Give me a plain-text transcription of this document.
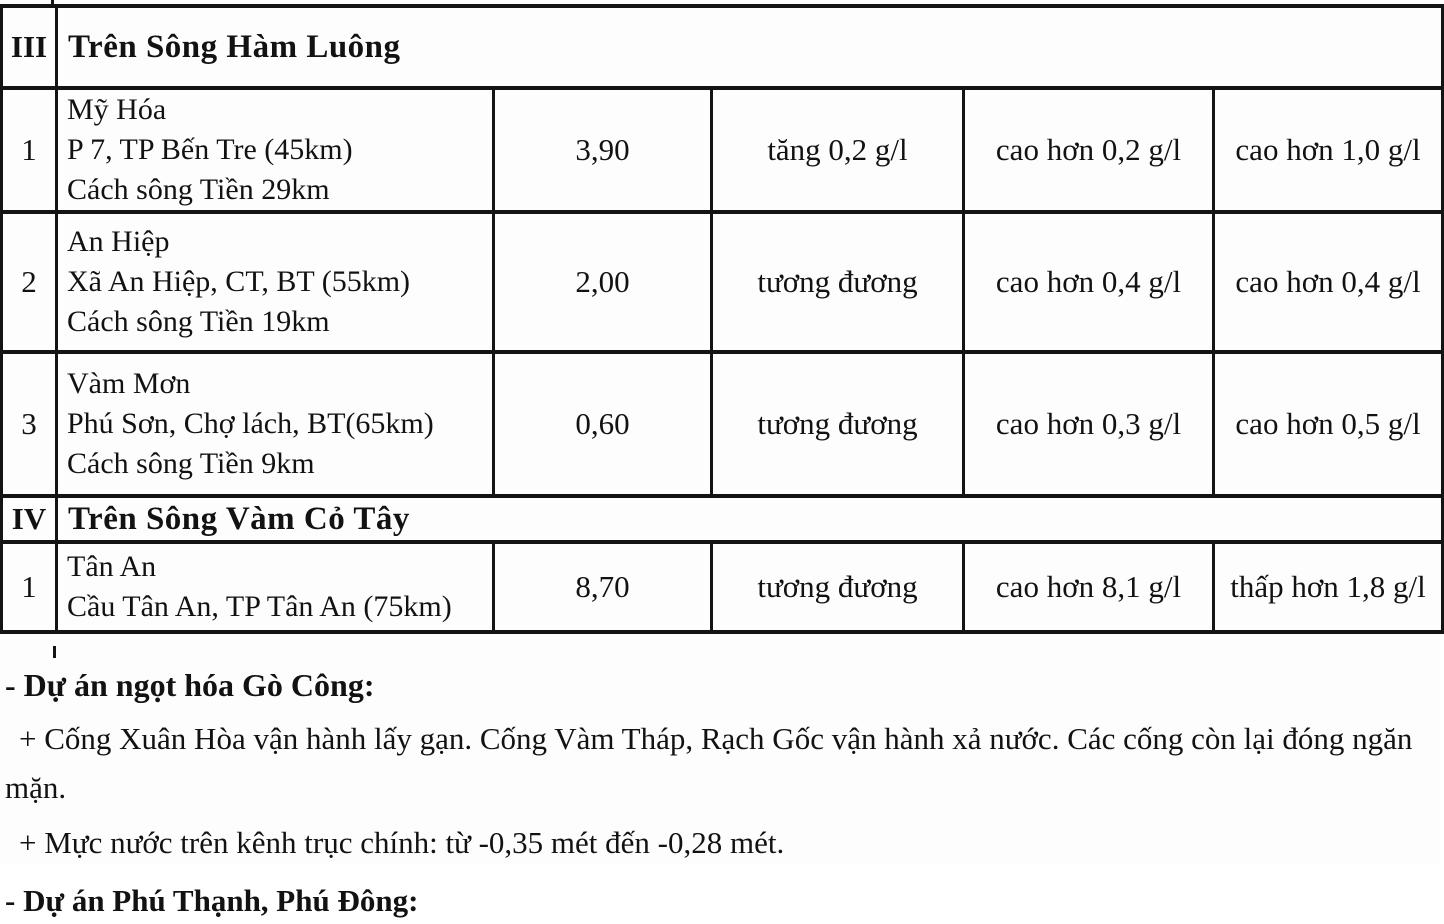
III	Trên Sông Hàm Luông				
1	Mỹ Hóa
P 7, TP Bến Tre (45km)
Cách sông Tiền 29km	3,90	tăng 0,2 g/l	cao hơn 0,2 g/l	cao hơn 1,0 g/l
2	An Hiệp
Xã An Hiệp, CT, BT (55km)
Cách sông Tiền 19km	2,00	tương đương	cao hơn 0,4 g/l	cao hơn 0,4 g/l
3	Vàm Mơn
Phú Sơn, Chợ lách, BT(65km)
Cách sông Tiền 9km	0,60	tương đương	cao hơn 0,3 g/l	cao hơn 0,5 g/l
IV	Trên Sông Vàm Cỏ Tây				
1	Tân An
Cầu Tân An, TP Tân An (75km)	8,70	tương đương	cao hơn 8,1 g/l	thấp hơn 1,8 g/l

- Dự án ngọt hóa Gò Công:

+ Cống Xuân Hòa vận hành lấy gạn. Cống Vàm Tháp, Rạch Gốc vận hành xả nước. Các cống còn lại đóng ngăn mặn.

+ Mực nước trên kênh trục chính: từ -0,35 mét đến -0,28 mét.

- Dự án Phú Thạnh, Phú Đông:
